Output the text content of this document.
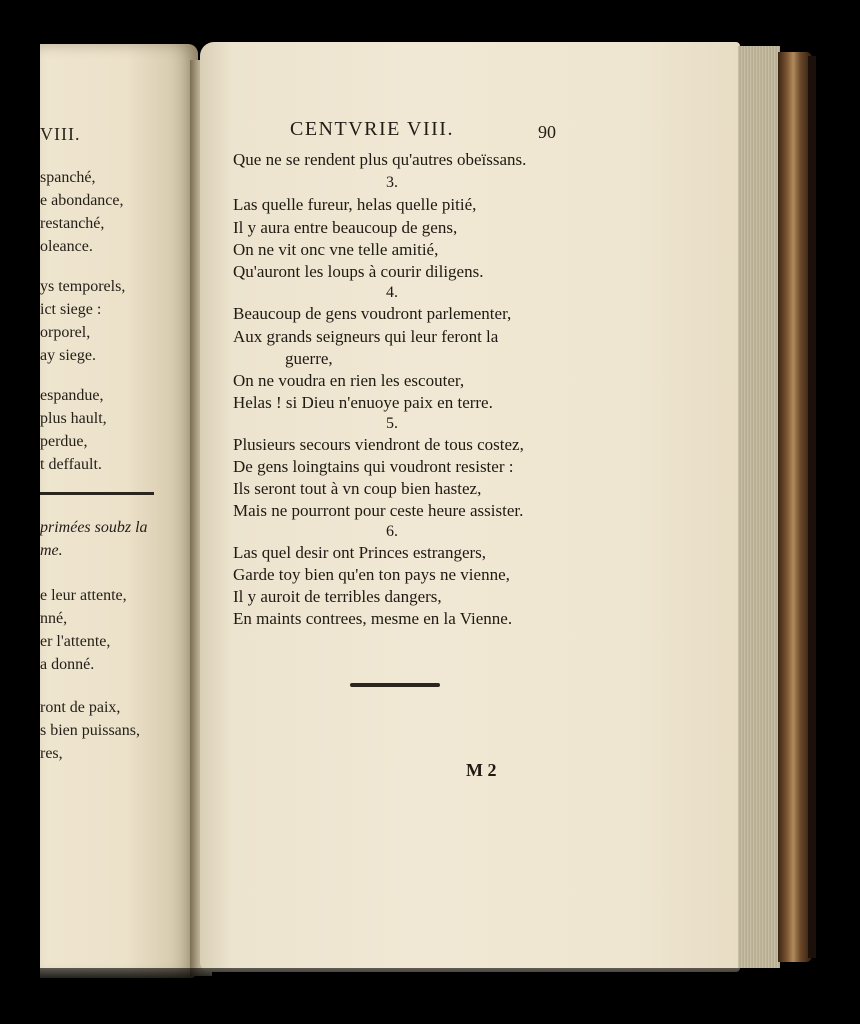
VIII.
spanché,
e abondance,
restanché,
oleance.
ys temporels,
ict siege :
orporel,
ay siege.
espandue,
plus hault,
perdue,
t deffault.
primées soubz la
me.
e leur attente,
nné,
er l'attente,
a donné.
ront de paix,
s bien puissans,
res,
CENTVRIE VIII.	90
Que ne se rendent plus qu'autres obeïssans.
3.
Las quelle fureur, helas quelle pitié,
Il y aura entre beaucoup de gens,
On ne vit onc vne telle amitié,
Qu'auront les loups à courir diligens.
4.
Beaucoup de gens voudront parlementer,
Aux grands seigneurs qui leur feront la
guerre,
On ne voudra en rien les escouter,
Helas ! si Dieu n'enuoye paix en terre.
5.
Plusieurs secours viendront de tous costez,
De gens loingtains qui voudront resister :
Ils seront tout à vn coup bien hastez,
Mais ne pourront pour ceste heure assister.
6.
Las quel desir ont Princes estrangers,
Garde toy bien qu'en ton pays ne vienne,
Il y auroit de terribles dangers,
En maints contrees, mesme en la Vienne.
M 2
